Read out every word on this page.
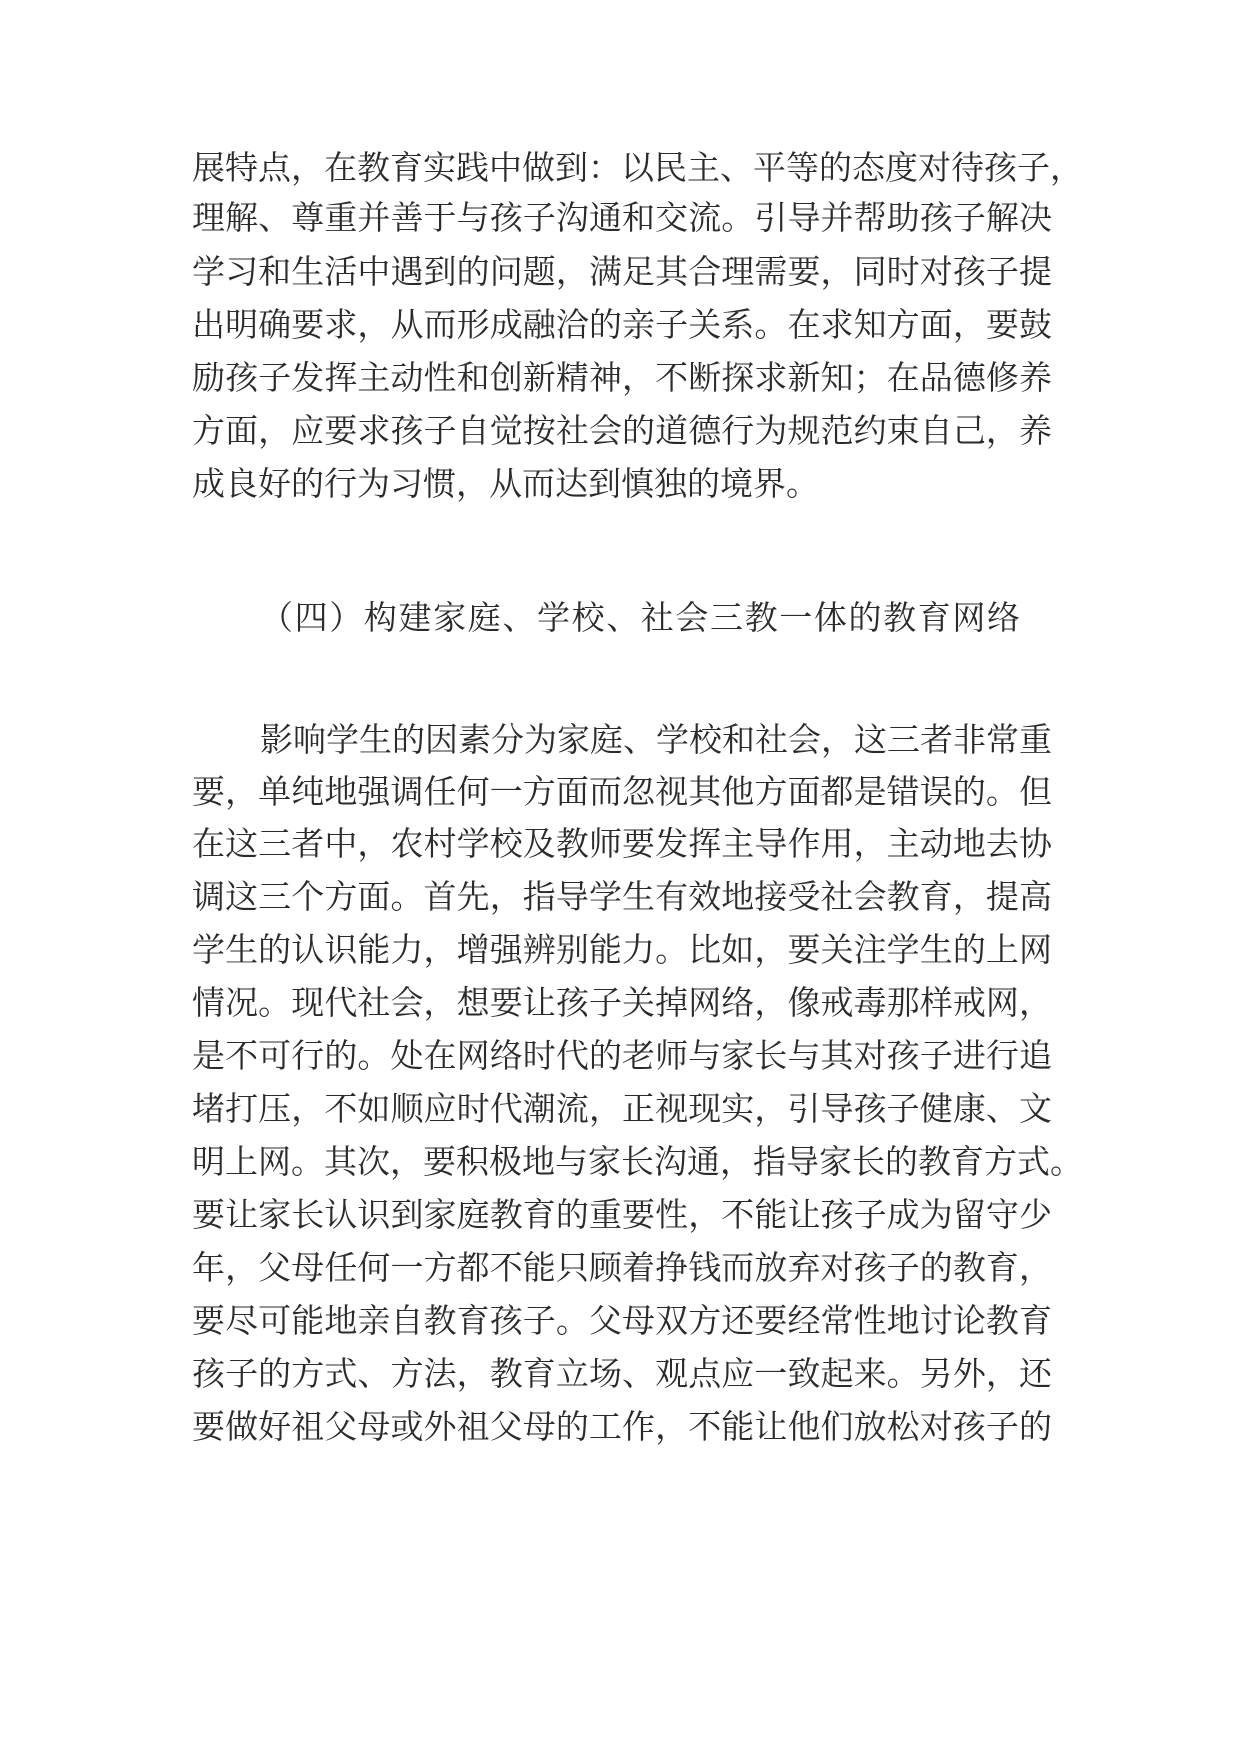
展特点，在教育实践中做到：以民主、平等的态度对待孩子，
理解、尊重并善于与孩子沟通和交流。引导并帮助孩子解决
学习和生活中遇到的问题，满足其合理需要，同时对孩子提
出明确要求，从而形成融洽的亲子关系。在求知方面，要鼓
励孩子发挥主动性和创新精神，不断探求新知；在品德修养
方面，应要求孩子自觉按社会的道德行为规范约束自己，养
成良好的行为习惯，从而达到慎独的境界。
（四）构建家庭、学校、社会三教一体的教育网络
影响学生的因素分为家庭、学校和社会，这三者非常重
要，单纯地强调任何一方面而忽视其他方面都是错误的。但
在这三者中，农村学校及教师要发挥主导作用，主动地去协
调这三个方面。首先，指导学生有效地接受社会教育，提高
学生的认识能力，增强辨别能力。比如，要关注学生的上网
情况。现代社会，想要让孩子关掉网络，像戒毒那样戒网，
是不可行的。处在网络时代的老师与家长与其对孩子进行追
堵打压，不如顺应时代潮流，正视现实，引导孩子健康、文
明上网。其次，要积极地与家长沟通，指导家长的教育方式。
要让家长认识到家庭教育的重要性，不能让孩子成为留守少
年，父母任何一方都不能只顾着挣钱而放弃对孩子的教育，
要尽可能地亲自教育孩子。父母双方还要经常性地讨论教育
孩子的方式、方法，教育立场、观点应一致起来。另外，还
要做好祖父母或外祖父母的工作，不能让他们放松对孩子的
